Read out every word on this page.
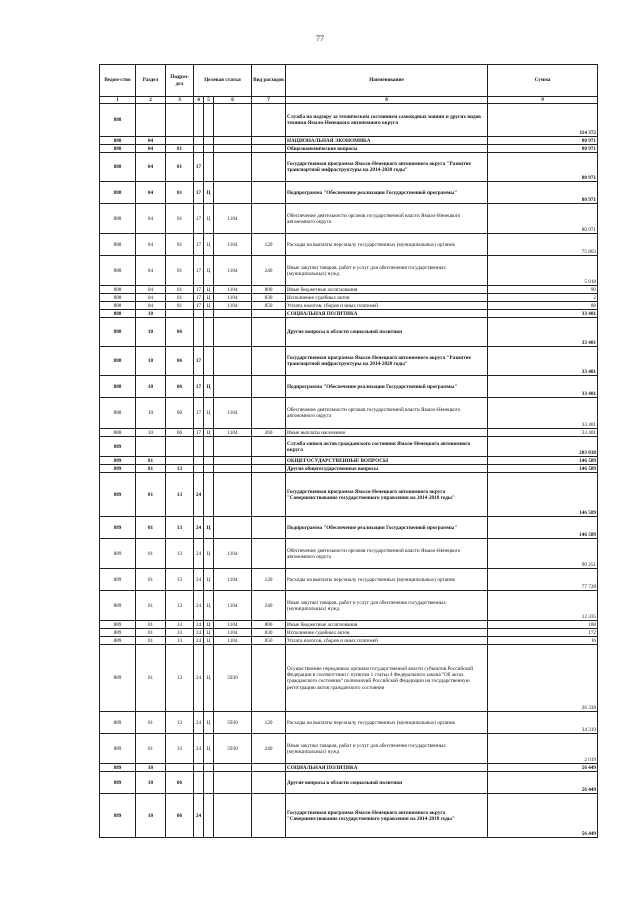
77
Ведом-ство	Раздел	Подраз-дел	Целевая статья			Вид расходов	Наименование	Сумма
1	2	3	4	5	6	7	8	9
888							Служба по надзору за техническим состоянием самоходных машин и других видов техники Ямало-Ненецкого автономного округа	114 372
888	04						НАЦИОНАЛЬНАЯ ЭКОНОМИКА	80 971
888	04	01					Общеэкономические вопросы	80 971
888	04	01	17				Государственная программа Ямало-Ненецкого автономного округа "Развитие транспортной инфраструктуры на 2014-2020 годы"	80 971
888	04	01	17	Ц			Подпрограмма "Обеспечение реализации Государственной программы"	80 971
888	04	01	17	Ц	1104		Обеспечение деятельности органов государственной власти Ямало-Ненецкого автономного округа	80 971
888	04	01	17	Ц	1104	120	Расходы на выплаты персоналу государственных (муниципальных) органов	75 863
888	04	01	17	Ц	1104	240	Иные закупки товаров, работ и услуг для обеспечения государственных (муниципальных) нужд	5 018
888	04	01	17	Ц	1104	800	Иные бюджетные ассигнования	90
888	04	01	17	Ц	1104	830	Исполнение судебных актов	2
888	04	01	17	Ц	1104	850	Уплата налогов, сборов и иных платежей	88
888	10						СОЦИАЛЬНАЯ ПОЛИТИКА	33 401
888	10	06					Другие вопросы в области социальной политики	33 401
888	10	06	17				Государственная программа Ямало-Ненецкого автономного округа "Развитие транспортной инфраструктуры на 2014-2020 годы"	33 401
888	10	06	17	Ц			Подпрограмма "Обеспечение реализации Государственной программы"	33 401
888	10	06	17	Ц	1104		Обеспечение деятельности органов государственной власти Ямало-Ненецкого автономного округа	33 401
888	10	06	17	Ц	1104	360	Иные выплаты населению	33 401
889							Служба записи актов гражданского состояния Ямало-Ненецкого автономного округа	203 038
889	01						ОБЩЕГОСУДАРСТВЕННЫЕ ВОПРОСЫ	146 589
889	01	13					Другие общегосударственные вопросы	146 589
889	01	13	24				Государственная программа Ямало-Ненецкого автономного округа "Совершенствование государственного управления на 2014-2018 годы"	146 589
889	01	13	24	Ц			Подпрограмма "Обеспечение реализации Государственной программы"	146 589
889	01	13	24	Ц	1104		Обеспечение деятельности органов государственной власти Ямало-Ненецкого автономного округа	90 251
889	01	13	24	Ц	1104	120	Расходы на выплаты персоналу государственных (муниципальных) органов	77 728
889	01	13	24	Ц	1104	240	Иные закупки товаров, работ и услуг для обеспечения государственных (муниципальных) нужд	12 335
889	01	13	24	Ц	1104	800	Иные бюджетные ассигнования	188
889	01	13	24	Ц	1104	830	Исполнение судебных актов	172
889	01	13	24	Ц	1104	850	Уплата налогов, сборов и иных платежей	16
889	01	13	24	Ц	5930		Осуществление переданных органам государственной власти субъектов Российской Федерации в соответствии с пунктом 1 статьи 4 Федерального закона "Об актах гражданского состояния" полномочий Российской Федерации на государственную регистрацию актов гражданского состояния	36 338
889	01	13	24	Ц	5930	120	Расходы на выплаты персоналу государственных (муниципальных) органов	34 319
889	01	13	24	Ц	5930	240	Иные закупки товаров, работ и услуг для обеспечения государственных (муниципальных) нужд	2 019
889	10						СОЦИАЛЬНАЯ ПОЛИТИКА	56 449
889	10	06					Другие вопросы в области социальной политики	56 449
889	10	06	24				Государственная программа Ямало-Ненецкого автономного округа "Совершенствование государственного управления на 2014-2018 годы"	56 449
